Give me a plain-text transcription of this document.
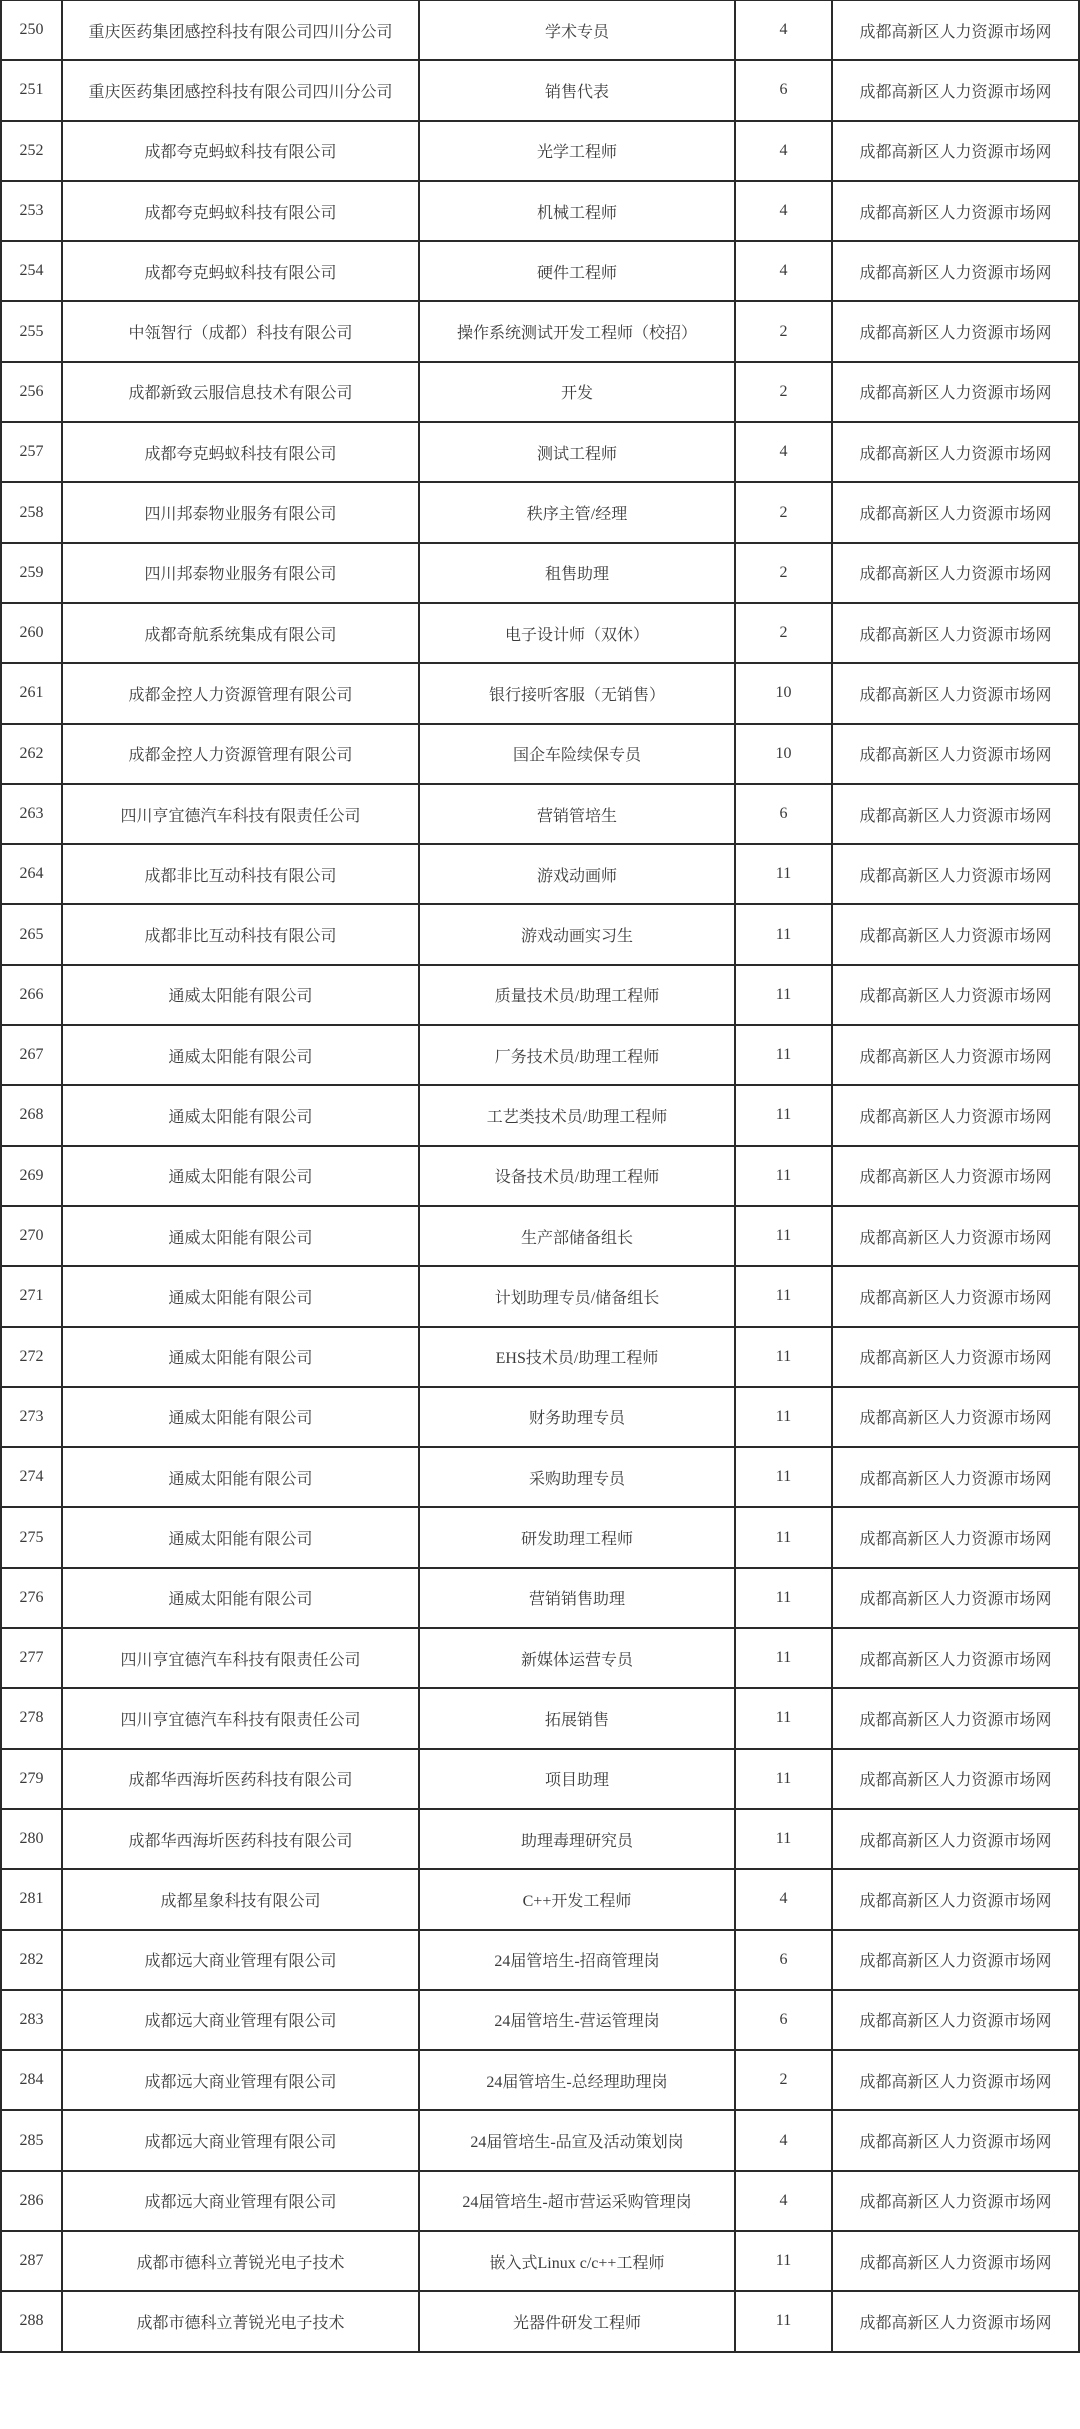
250	重庆医药集团感控科技有限公司四川分公司	学术专员	4	成都高新区人力资源市场网
251	重庆医药集团感控科技有限公司四川分公司	销售代表	6	成都高新区人力资源市场网
252	成都夸克蚂蚁科技有限公司	光学工程师	4	成都高新区人力资源市场网
253	成都夸克蚂蚁科技有限公司	机械工程师	4	成都高新区人力资源市场网
254	成都夸克蚂蚁科技有限公司	硬件工程师	4	成都高新区人力资源市场网
255	中瓴智行（成都）科技有限公司	操作系统测试开发工程师（校招）	2	成都高新区人力资源市场网
256	成都新致云服信息技术有限公司	开发	2	成都高新区人力资源市场网
257	成都夸克蚂蚁科技有限公司	测试工程师	4	成都高新区人力资源市场网
258	四川邦泰物业服务有限公司	秩序主管/经理	2	成都高新区人力资源市场网
259	四川邦泰物业服务有限公司	租售助理	2	成都高新区人力资源市场网
260	成都奇航系统集成有限公司	电子设计师（双休）	2	成都高新区人力资源市场网
261	成都金控人力资源管理有限公司	银行接听客服（无销售）	10	成都高新区人力资源市场网
262	成都金控人力资源管理有限公司	国企车险续保专员	10	成都高新区人力资源市场网
263	四川亨宜德汽车科技有限责任公司	营销管培生	6	成都高新区人力资源市场网
264	成都非比互动科技有限公司	游戏动画师	11	成都高新区人力资源市场网
265	成都非比互动科技有限公司	游戏动画实习生	11	成都高新区人力资源市场网
266	通威太阳能有限公司	质量技术员/助理工程师	11	成都高新区人力资源市场网
267	通威太阳能有限公司	厂务技术员/助理工程师	11	成都高新区人力资源市场网
268	通威太阳能有限公司	工艺类技术员/助理工程师	11	成都高新区人力资源市场网
269	通威太阳能有限公司	设备技术员/助理工程师	11	成都高新区人力资源市场网
270	通威太阳能有限公司	生产部储备组长	11	成都高新区人力资源市场网
271	通威太阳能有限公司	计划助理专员/储备组长	11	成都高新区人力资源市场网
272	通威太阳能有限公司	EHS技术员/助理工程师	11	成都高新区人力资源市场网
273	通威太阳能有限公司	财务助理专员	11	成都高新区人力资源市场网
274	通威太阳能有限公司	采购助理专员	11	成都高新区人力资源市场网
275	通威太阳能有限公司	研发助理工程师	11	成都高新区人力资源市场网
276	通威太阳能有限公司	营销销售助理	11	成都高新区人力资源市场网
277	四川亨宜德汽车科技有限责任公司	新媒体运营专员	11	成都高新区人力资源市场网
278	四川亨宜德汽车科技有限责任公司	拓展销售	11	成都高新区人力资源市场网
279	成都华西海圻医药科技有限公司	项目助理	11	成都高新区人力资源市场网
280	成都华西海圻医药科技有限公司	助理毒理研究员	11	成都高新区人力资源市场网
281	成都星象科技有限公司	C++开发工程师	4	成都高新区人力资源市场网
282	成都远大商业管理有限公司	24届管培生-招商管理岗	6	成都高新区人力资源市场网
283	成都远大商业管理有限公司	24届管培生-营运管理岗	6	成都高新区人力资源市场网
284	成都远大商业管理有限公司	24届管培生-总经理助理岗	2	成都高新区人力资源市场网
285	成都远大商业管理有限公司	24届管培生-品宣及活动策划岗	4	成都高新区人力资源市场网
286	成都远大商业管理有限公司	24届管培生-超市营运采购管理岗	4	成都高新区人力资源市场网
287	成都市德科立菁锐光电子技术	嵌入式Linux c/c++工程师	11	成都高新区人力资源市场网
288	成都市德科立菁锐光电子技术	光器件研发工程师	11	成都高新区人力资源市场网
